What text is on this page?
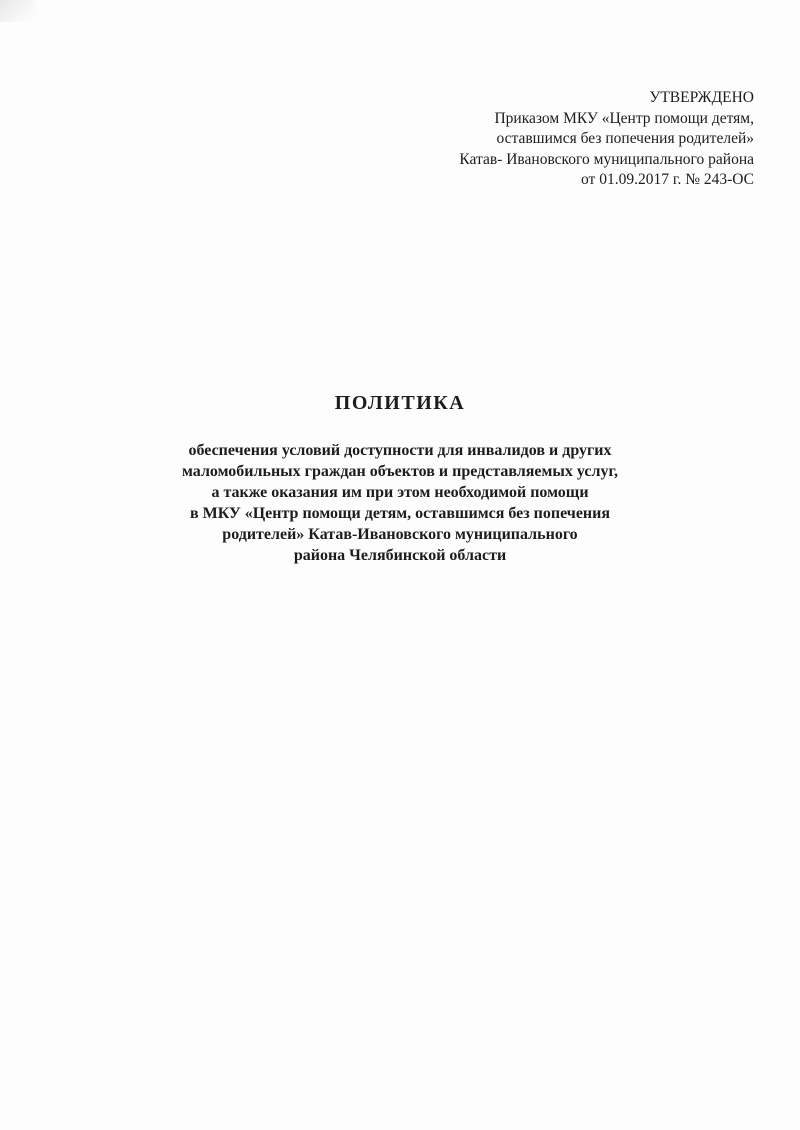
УТВЕРЖДЕНО
Приказом МКУ «Центр помощи детям,
оставшимся без попечения родителей»
Катав- Ивановского муниципального района
от 01.09.2017 г. № 243-ОС
ПОЛИТИКА
обеспечения условий доступности для инвалидов и других
маломобильных граждан объектов и представляемых услуг,
а также оказания им при этом необходимой помощи
в МКУ «Центр помощи детям, оставшимся без попечения
родителей» Катав-Ивановского муниципального
района Челябинской области
